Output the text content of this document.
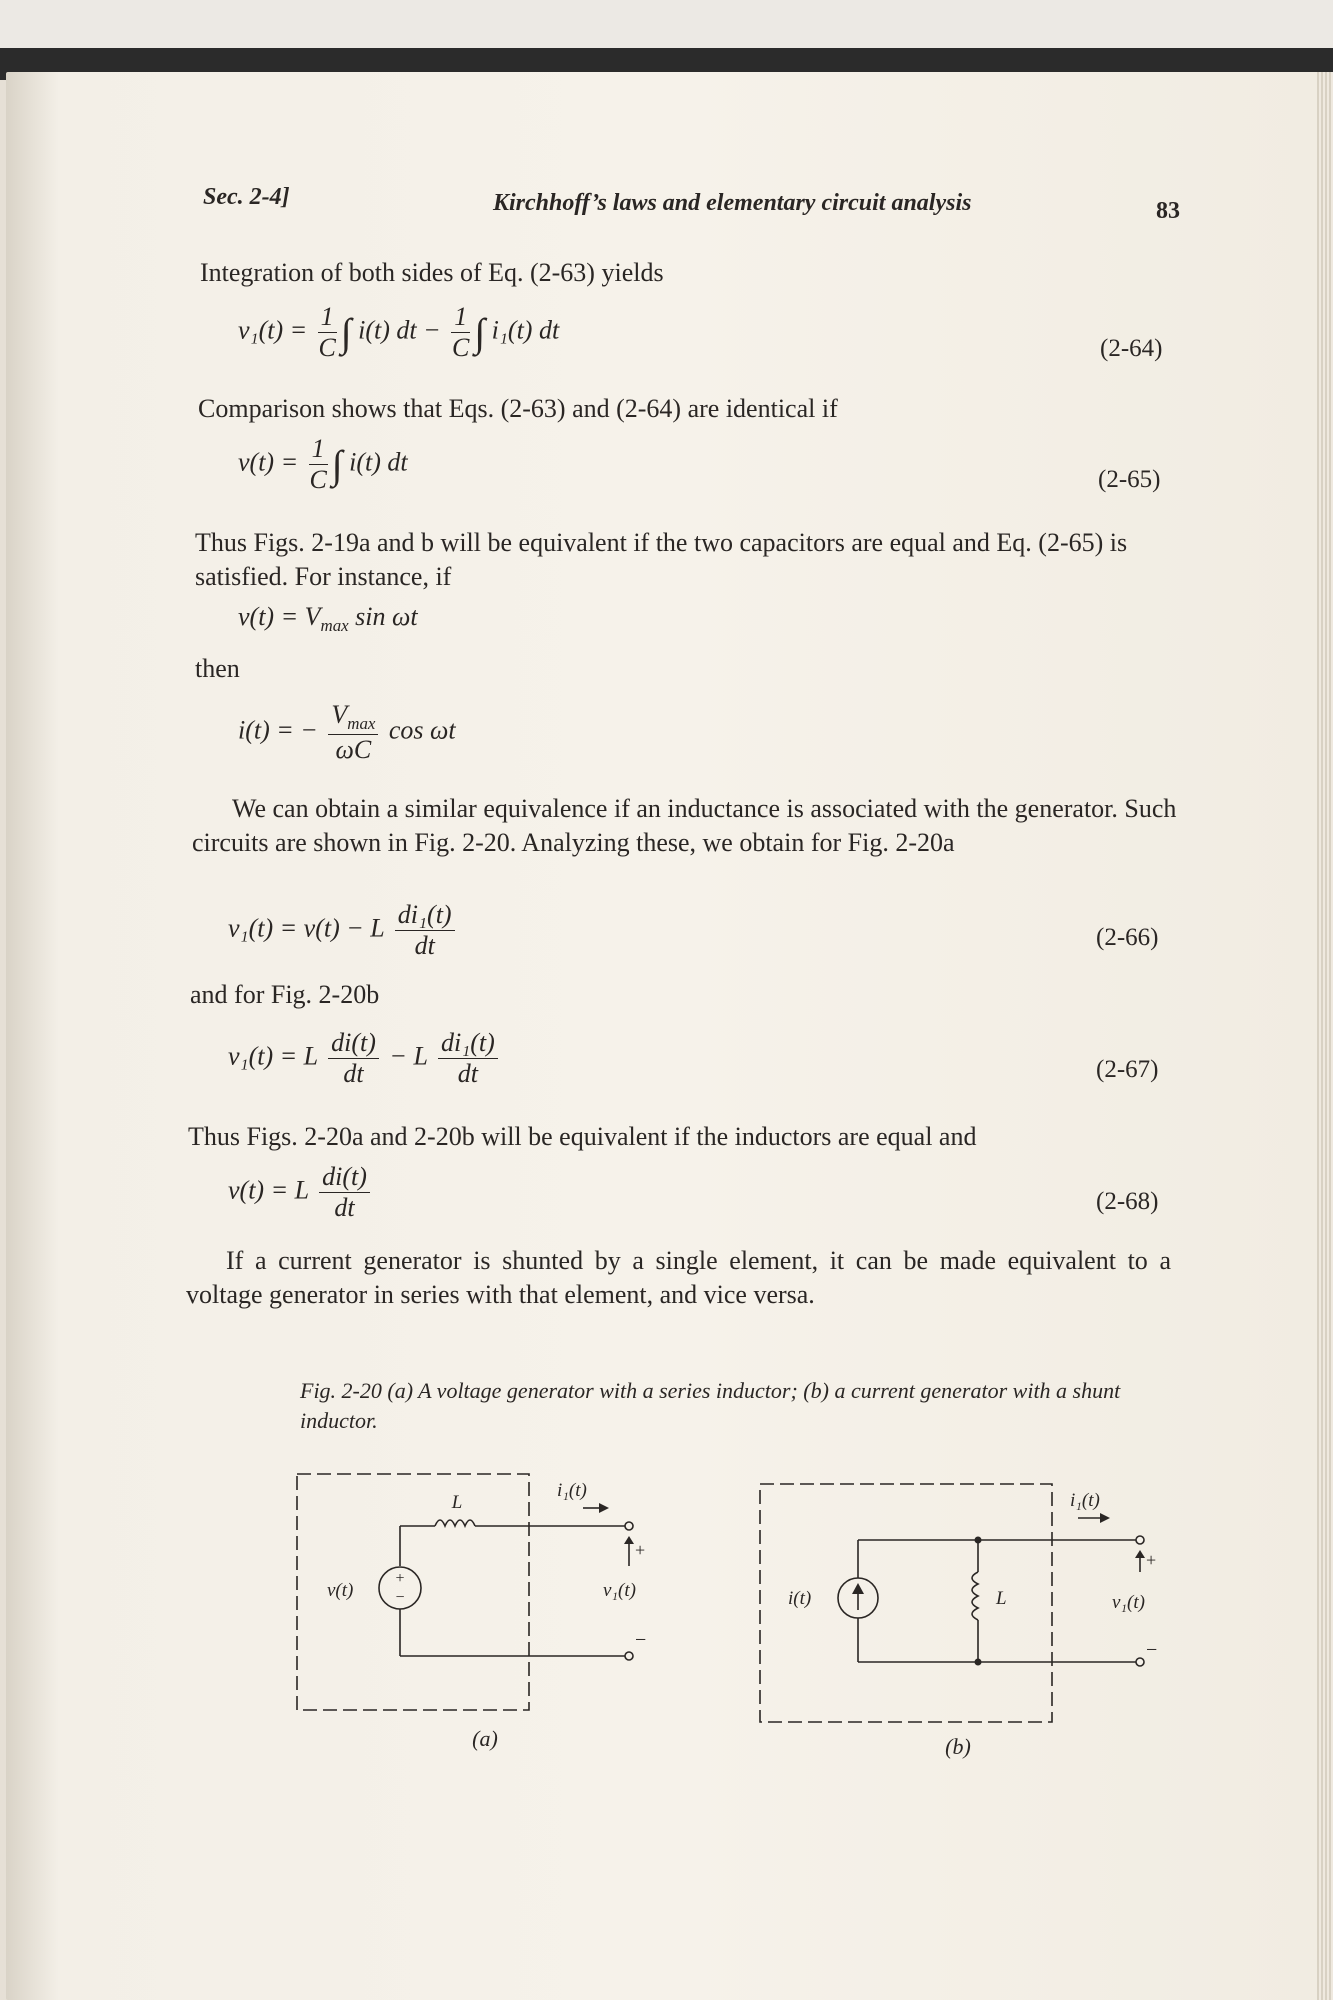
Sec. 2-4]	Kirchhoff’s laws and elementary circuit analysis	83
Integration of both sides of Eq. (2-63) yields
$v_1(t) = \frac{1}{C}$ ∫ i(t) dt − $\frac{1}{C}$ ∫ i₁(t) dt
(2-64)
Comparison shows that Eqs. (2-63) and (2-64) are identical if
$v(t) = \frac{1}{C}$ ∫ i(t) dt
(2-65)
Thus Figs. 2-19a and b will be equivalent if the two capacitors are equal and Eq. (2-65) is satisfied. For instance, if
$v(t) = V_{max}$ sin ωt
then
i(t) = − $\frac{V_{max}}{\omega C}$ cos ωt
We can obtain a similar equivalence if an inductance is associated with the generator. Such circuits are shown in Fig. 2-20. Analyzing these, we obtain for Fig. 2-20a
v₁(t) = v(t) − L $\frac{\text{di₁(t)}}{dt}$	(2-66)
and for Fig. 2-20b
v₁(t) = L $\frac{di(t)}{dt} - L \frac{\text{di₁(t)}}{dt}$	(2-67)
Thus Figs. 2-20a and 2-20b will be equivalent if the inductors are equal and
v(t) = L $\frac{di(t)}{dt}$	(2-68)
If a current generator is shunted by a single element, it can be made equivalent to a voltage generator in series with that element, and vice versa.
Fig. 2-20 (a) A voltage generator with a series inductor; (b) a current generator with a shunt inductor.
+
−
v(t)
L
i₁(t)
+
v₁(t)
−
(a)
i(t)	L
i₁(t)
+
v₁(t)
−
(b)
